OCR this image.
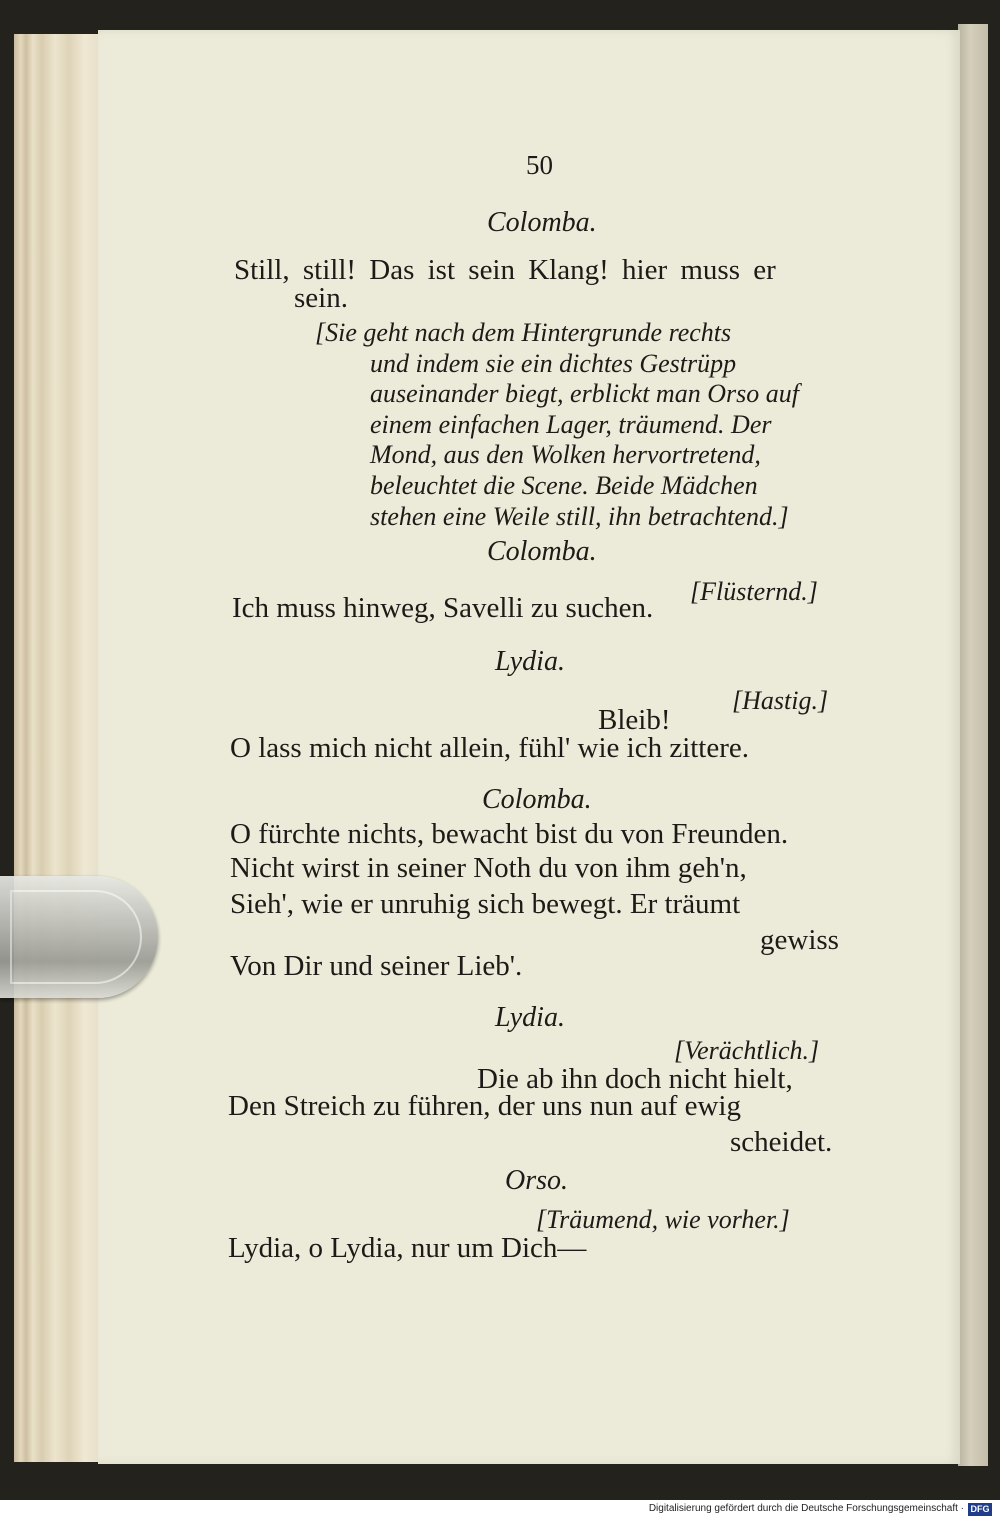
50
Colomba.
Still, still! Das ist sein Klang! hier muss er
sein.
[Sie geht nach dem Hintergrunde rechts
und indem sie ein dichtes Gestrüpp
auseinander biegt, erblickt man Orso auf
einem einfachen Lager, träumend. Der
Mond, aus den Wolken hervortretend,
beleuchtet die Scene. Beide Mädchen
stehen eine Weile still, ihn betrachtend.]
Colomba.
[Flüsternd.]
Ich muss hinweg, Savelli zu suchen.
Lydia.
[Hastig.]
Bleib!
O lass mich nicht allein, fühl' wie ich zittere.
Colomba.
O fürchte nichts, bewacht bist du von Freunden.
Nicht wirst in seiner Noth du von ihm geh'n,
Sieh', wie er unruhig sich bewegt. Er träumt
gewiss
Von Dir und seiner Lieb'.
Lydia.
[Verächtlich.]
Die ab ihn doch nicht hielt,
Den Streich zu führen, der uns nun auf ewig
scheidet.
Orso.
[Träumend, wie vorher.]
Lydia, o Lydia, nur um Dich—
Digitalisierung gefördert durch die Deutsche Forschungsgemeinschaft · DFG
